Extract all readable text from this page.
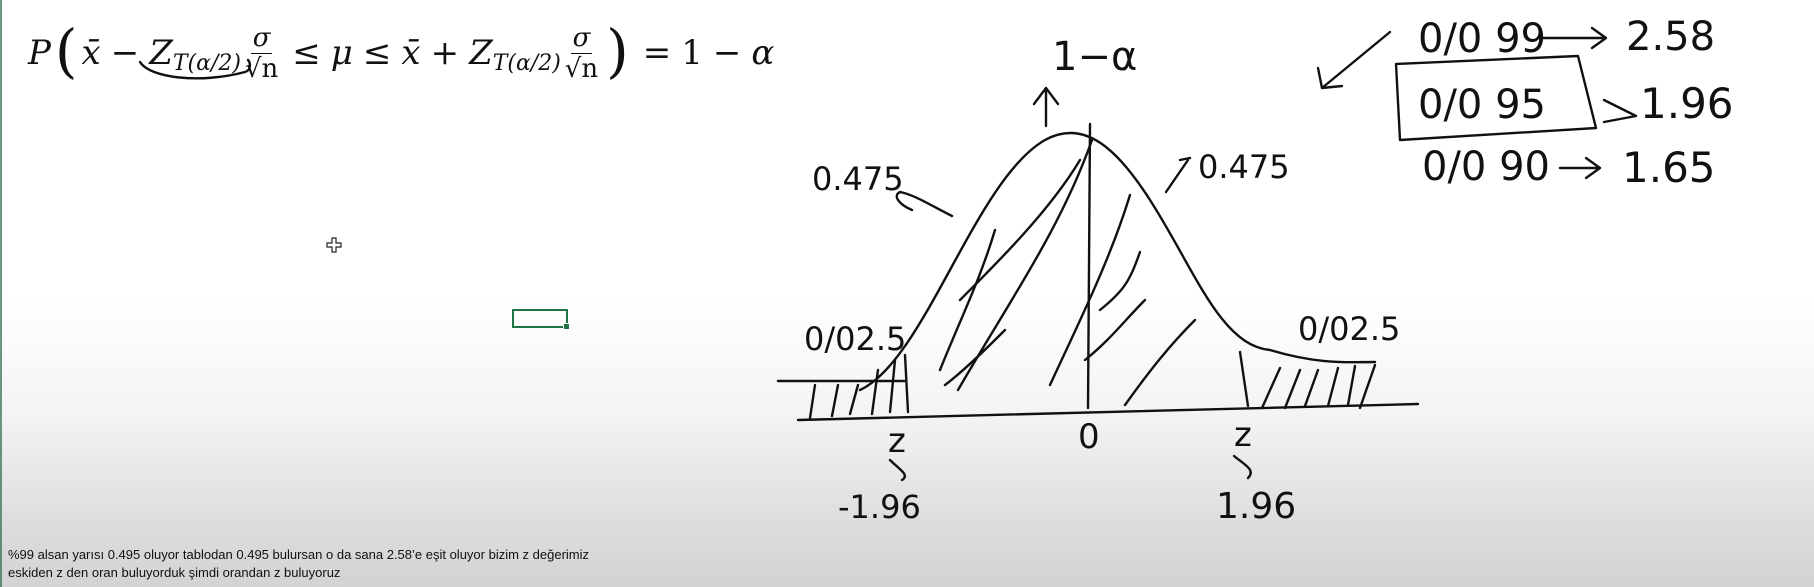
P ( x̄ − Z $T(\alpha/2) \frac{\sigma}{√n} \le \mu$ ≤ x̄ + Z $T(\alpha/2) \frac{\sigma}{√n}$ ) = 1 − α	1−α
0.475	0.475
0/02.5	0/02.5
z
-1.96
0	z
1.96
0/0 99 2.58
0/0 95 1.96
0/0 90 1.65
%99 alsan yarısı 0.495 oluyor tablodan 0.495 bulursan o da sana 2.58’e eşit oluyor bizim z değerimiz
eskiden z den oran buluyorduk şimdi orandan z buluyoruz
